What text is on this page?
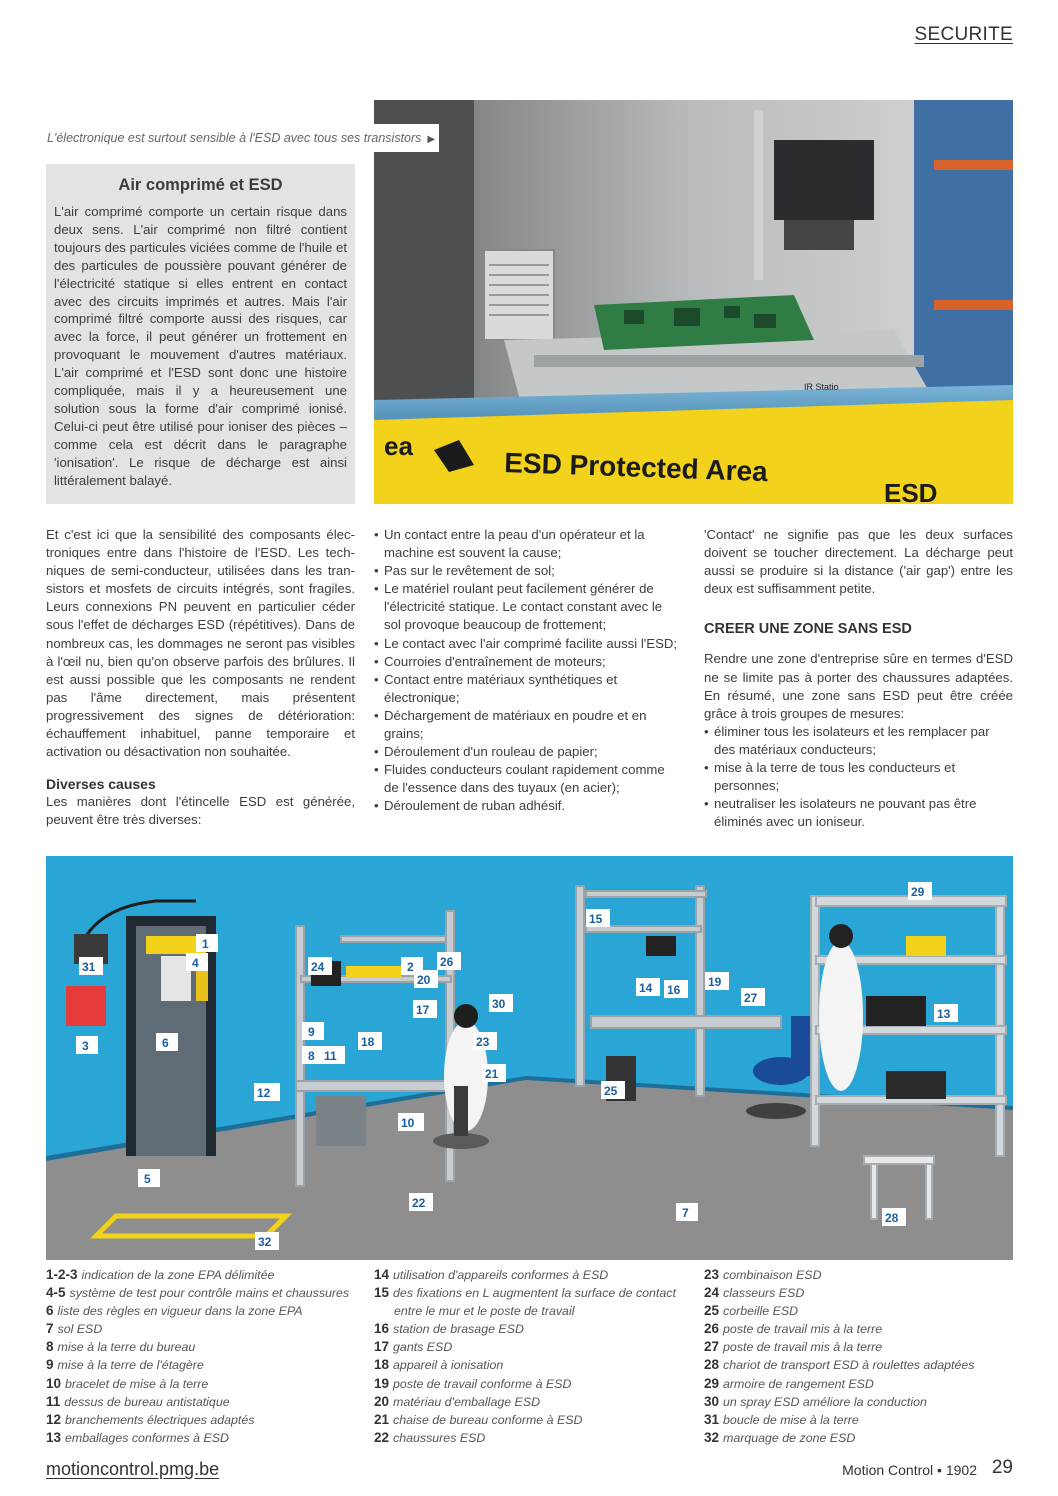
SECURITE
ea
ESD Protected Area
ESD
IR Statio
L'électronique est surtout sensible à l'ESD avec tous ses transistors ▶
Air comprimé et ESD

L'air comprimé comporte un certain risque dans deux sens. L'air comprimé non filtré contient toujours des particules viciées comme de l'huile et des particules de poussière pouvant générer de l'électricité statique si elles entrent en contact avec des circuits imprimés et autres. Mais l'air comprimé filtré comporte aussi des risques, car avec la force, il peut générer un frottement en provoquant le mouvement d'autres matériaux. L'air comprimé et l'ESD sont donc une histoire compliquée, mais il y a heureusement une solution sous la forme d'air comprimé ionisé. Celui-ci peut être utilisé pour ioniser des pièces – comme cela est décrit dans le paragraphe 'ionisation'. Le risque de décharge est ainsi littéralement balayé.

Et c'est ici que la sensibilité des composants électroniques entre dans l'histoire de l'ESD. Les techniques de semi-conducteur, utilisées dans les transistors et mosfets de circuits intégrés, sont fragiles. Leurs connexions PN peuvent en particulier céder sous l'effet de décharges ESD (répétitives). Dans de nombreux cas, les dommages ne seront pas visibles à l'œil nu, bien qu'on observe parfois des brûlures. Il est aussi possible que les composants ne rendent pas l'âme directement, mais présentent progressivement des signes de détérioration: échauffement inhabituel, panne temporaire et activation ou désactivation non souhaitée.

Diverses causes

Les manières dont l'étincelle ESD est générée, peuvent être très diverses:

• Un contact entre la peau d'un opérateur et la machine est souvent la cause;
• Pas sur le revêtement de sol;
• Le matériel roulant peut facilement générer de l'électricité statique. Le contact constant avec le sol provoque beaucoup de frottement;
• Le contact avec l'air comprimé facilite aussi l'ESD;
• Courroies d'entraînement de moteurs;
• Contact entre matériaux synthétiques et électronique;
• Déchargement de matériaux en poudre et en grains;
• Déroulement d'un rouleau de papier;
• Fluides conducteurs coulant rapidement comme de l'essence dans des tuyaux (en acier);
• Déroulement de ruban adhésif.

'Contact' ne signifie pas que les deux surfaces doivent se toucher directement. La décharge peut aussi se produire si la distance ('air gap') entre les deux est suffisamment petite.

CREER UNE ZONE SANS ESD

Rendre une zone d'entreprise sûre en termes d'ESD ne se limite pas à porter des chaussures adaptées. En résumé, une zone sans ESD peut être créée grâce à trois groupes de mesures:

• éliminer tous les isolateurs et les remplacer par des matériaux conducteurs;
• mise à la terre de tous les conducteurs et personnes;
• neutraliser les isolateurs ne pouvant pas être éliminés avec un ioniseur.
1
2
3
4
5
6
7
8
9
10
11
12
13
14
15
16
17
18
19
20
21
22
23
24
25
26
27
28
29
30
31
32
1-2-3 indication de la zone EPA délimitée
4-5 système de test pour contrôle mains et chaussures
6 liste des règles en vigueur dans la zone EPA
7 sol ESD
8 mise à la terre du bureau
9 mise à la terre de l'étagère
10 bracelet de mise à la terre
11 dessus de bureau antistatique
12 branchements électriques adaptés
13 emballages conformes à ESD
14 utilisation d'appareils conformes à ESD
15 des fixations en L augmentent la surface de contact
entre le mur et le poste de travail
16 station de brasage ESD
17 gants ESD
18 appareil à ionisation
19 poste de travail conforme à ESD
20 matériau d'emballage ESD
21 chaise de bureau conforme à ESD
22 chaussures ESD
23 combinaison ESD
24 classeurs ESD
25 corbeille ESD
26 poste de travail mis à la terre
27 poste de travail mis à la terre
28 chariot de transport ESD à roulettes adaptées
29 armoire de rangement ESD
30 un spray ESD améliore la conduction
31 boucle de mise à la terre
32 marquage de zone ESD
motioncontrol.pmg.be	Motion Control • 1902 29
